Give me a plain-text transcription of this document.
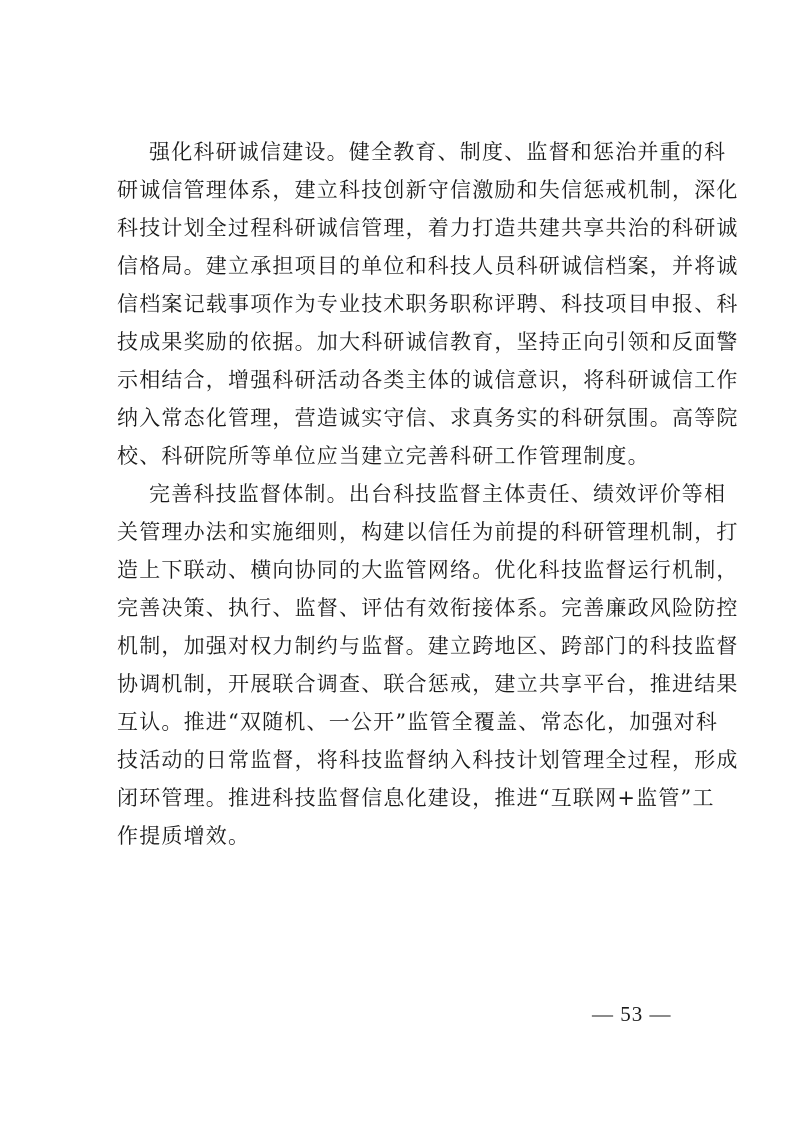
强化科研诚信建设。健全教育、制度、监督和惩治并重的科
研诚信管理体系，建立科技创新守信激励和失信惩戒机制，深化
科技计划全过程科研诚信管理，着力打造共建共享共治的科研诚
信格局。建立承担项目的单位和科技人员科研诚信档案，并将诚
信档案记载事项作为专业技术职务职称评聘、科技项目申报、科
技成果奖励的依据。加大科研诚信教育，坚持正向引领和反面警
示相结合，增强科研活动各类主体的诚信意识，将科研诚信工作
纳入常态化管理，营造诚实守信、求真务实的科研氛围。高等院
校、科研院所等单位应当建立完善科研工作管理制度。
完善科技监督体制。出台科技监督主体责任、绩效评价等相
关管理办法和实施细则，构建以信任为前提的科研管理机制，打
造上下联动、横向协同的大监管网络。优化科技监督运行机制，
完善决策、执行、监督、评估有效衔接体系。完善廉政风险防控
机制，加强对权力制约与监督。建立跨地区、跨部门的科技监督
协调机制，开展联合调查、联合惩戒，建立共享平台，推进结果
互认。推进“双随机、一公开”监管全覆盖、常态化，加强对科
技活动的日常监督，将科技监督纳入科技计划管理全过程，形成
闭环管理。推进科技监督信息化建设，推进“互联网+监管”工
作提质增效。
— 53 —
